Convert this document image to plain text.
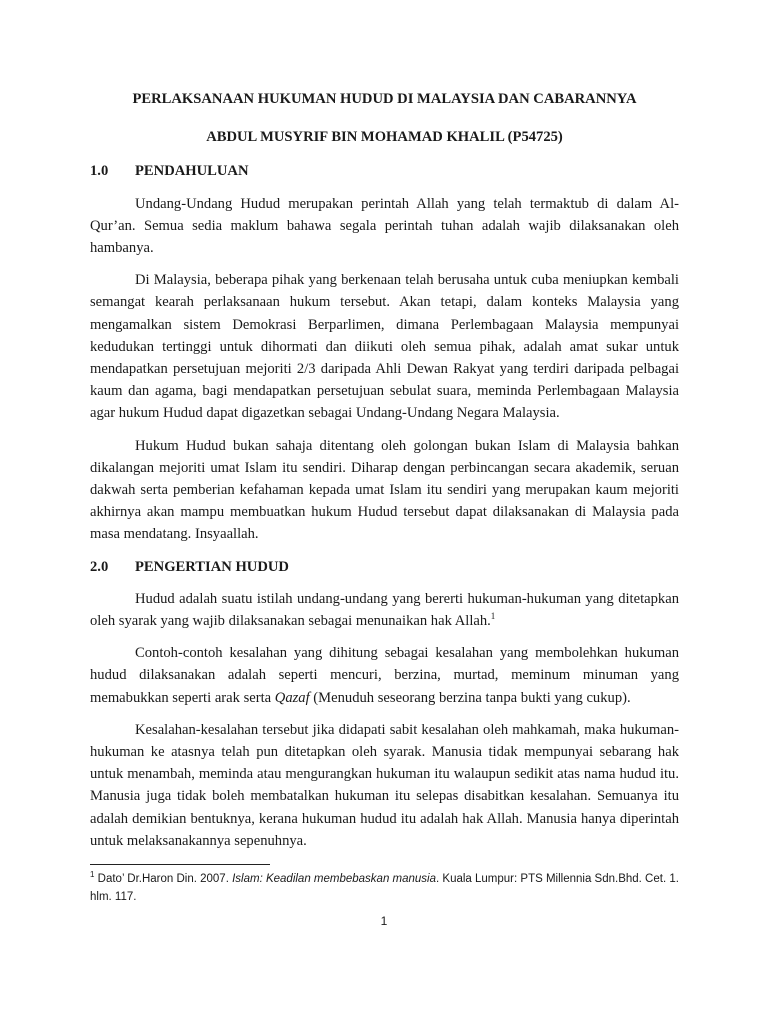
PERLAKSANAAN HUKUMAN HUDUD DI MALAYSIA DAN CABARANNYA
ABDUL MUSYRIF BIN MOHAMAD KHALIL (P54725)
1.0	PENDAHULUAN

Undang-Undang Hudud merupakan perintah Allah yang telah termaktub di dalam Al-Qur’an. Semua sedia maklum bahawa segala perintah tuhan adalah wajib dilaksanakan oleh hambanya.

Di Malaysia, beberapa pihak yang berkenaan telah berusaha untuk cuba meniupkan kembali semangat kearah perlaksanaan hukum tersebut. Akan tetapi, dalam konteks Malaysia yang mengamalkan sistem Demokrasi Berparlimen, dimana Perlembagaan Malaysia mempunyai kedudukan tertinggi untuk dihormati dan diikuti oleh semua pihak, adalah amat sukar untuk mendapatkan persetujuan mejoriti 2/3 daripada Ahli Dewan Rakyat yang terdiri daripada pelbagai kaum dan agama, bagi mendapatkan persetujuan sebulat suara, meminda Perlembagaan Malaysia agar hukum Hudud dapat digazetkan sebagai Undang-Undang Negara Malaysia.

Hukum Hudud bukan sahaja ditentang oleh golongan bukan Islam di Malaysia bahkan dikalangan mejoriti umat Islam itu sendiri. Diharap dengan perbincangan secara akademik, seruan dakwah serta pemberian kefahaman kepada umat Islam itu sendiri yang merupakan kaum mejoriti akhirnya akan mampu membuatkan hukum Hudud tersebut dapat dilaksanakan di Malaysia pada masa mendatang. Insyaallah.

2.0	PENGERTIAN HUDUD

Hudud adalah suatu istilah undang-undang yang bererti hukuman-hukuman yang ditetapkan oleh syarak yang wajib dilaksanakan sebagai menunaikan hak Allah.$^1$

Contoh-contoh kesalahan yang dihitung sebagai kesalahan yang membolehkan hukuman hudud dilaksanakan adalah seperti mencuri, berzina, murtad, meminum minuman yang memabukkan seperti arak serta Qazaf (Menuduh seseorang berzina tanpa bukti yang cukup).

Kesalahan-kesalahan tersebut jika didapati sabit kesalahan oleh mahkamah, maka hukuman-hukuman ke atasnya telah pun ditetapkan oleh syarak. Manusia tidak mempunyai sebarang hak untuk menambah, meminda atau mengurangkan hukuman itu walaupun sedikit atas nama hudud itu. Manusia juga tidak boleh membatalkan hukuman itu selepas disabitkan kesalahan. Semuanya itu adalah demikian bentuknya, kerana hukuman hudud itu adalah hak Allah. Manusia hanya diperintah untuk melaksanakannya sepenuhnya.

$^1$ Dato’ Dr.Haron Din. 2007. Islam: Keadilan membebaskan manusia. Kuala Lumpur: PTS Millennia Sdn.Bhd. Cet. 1. hlm. 117.
1
